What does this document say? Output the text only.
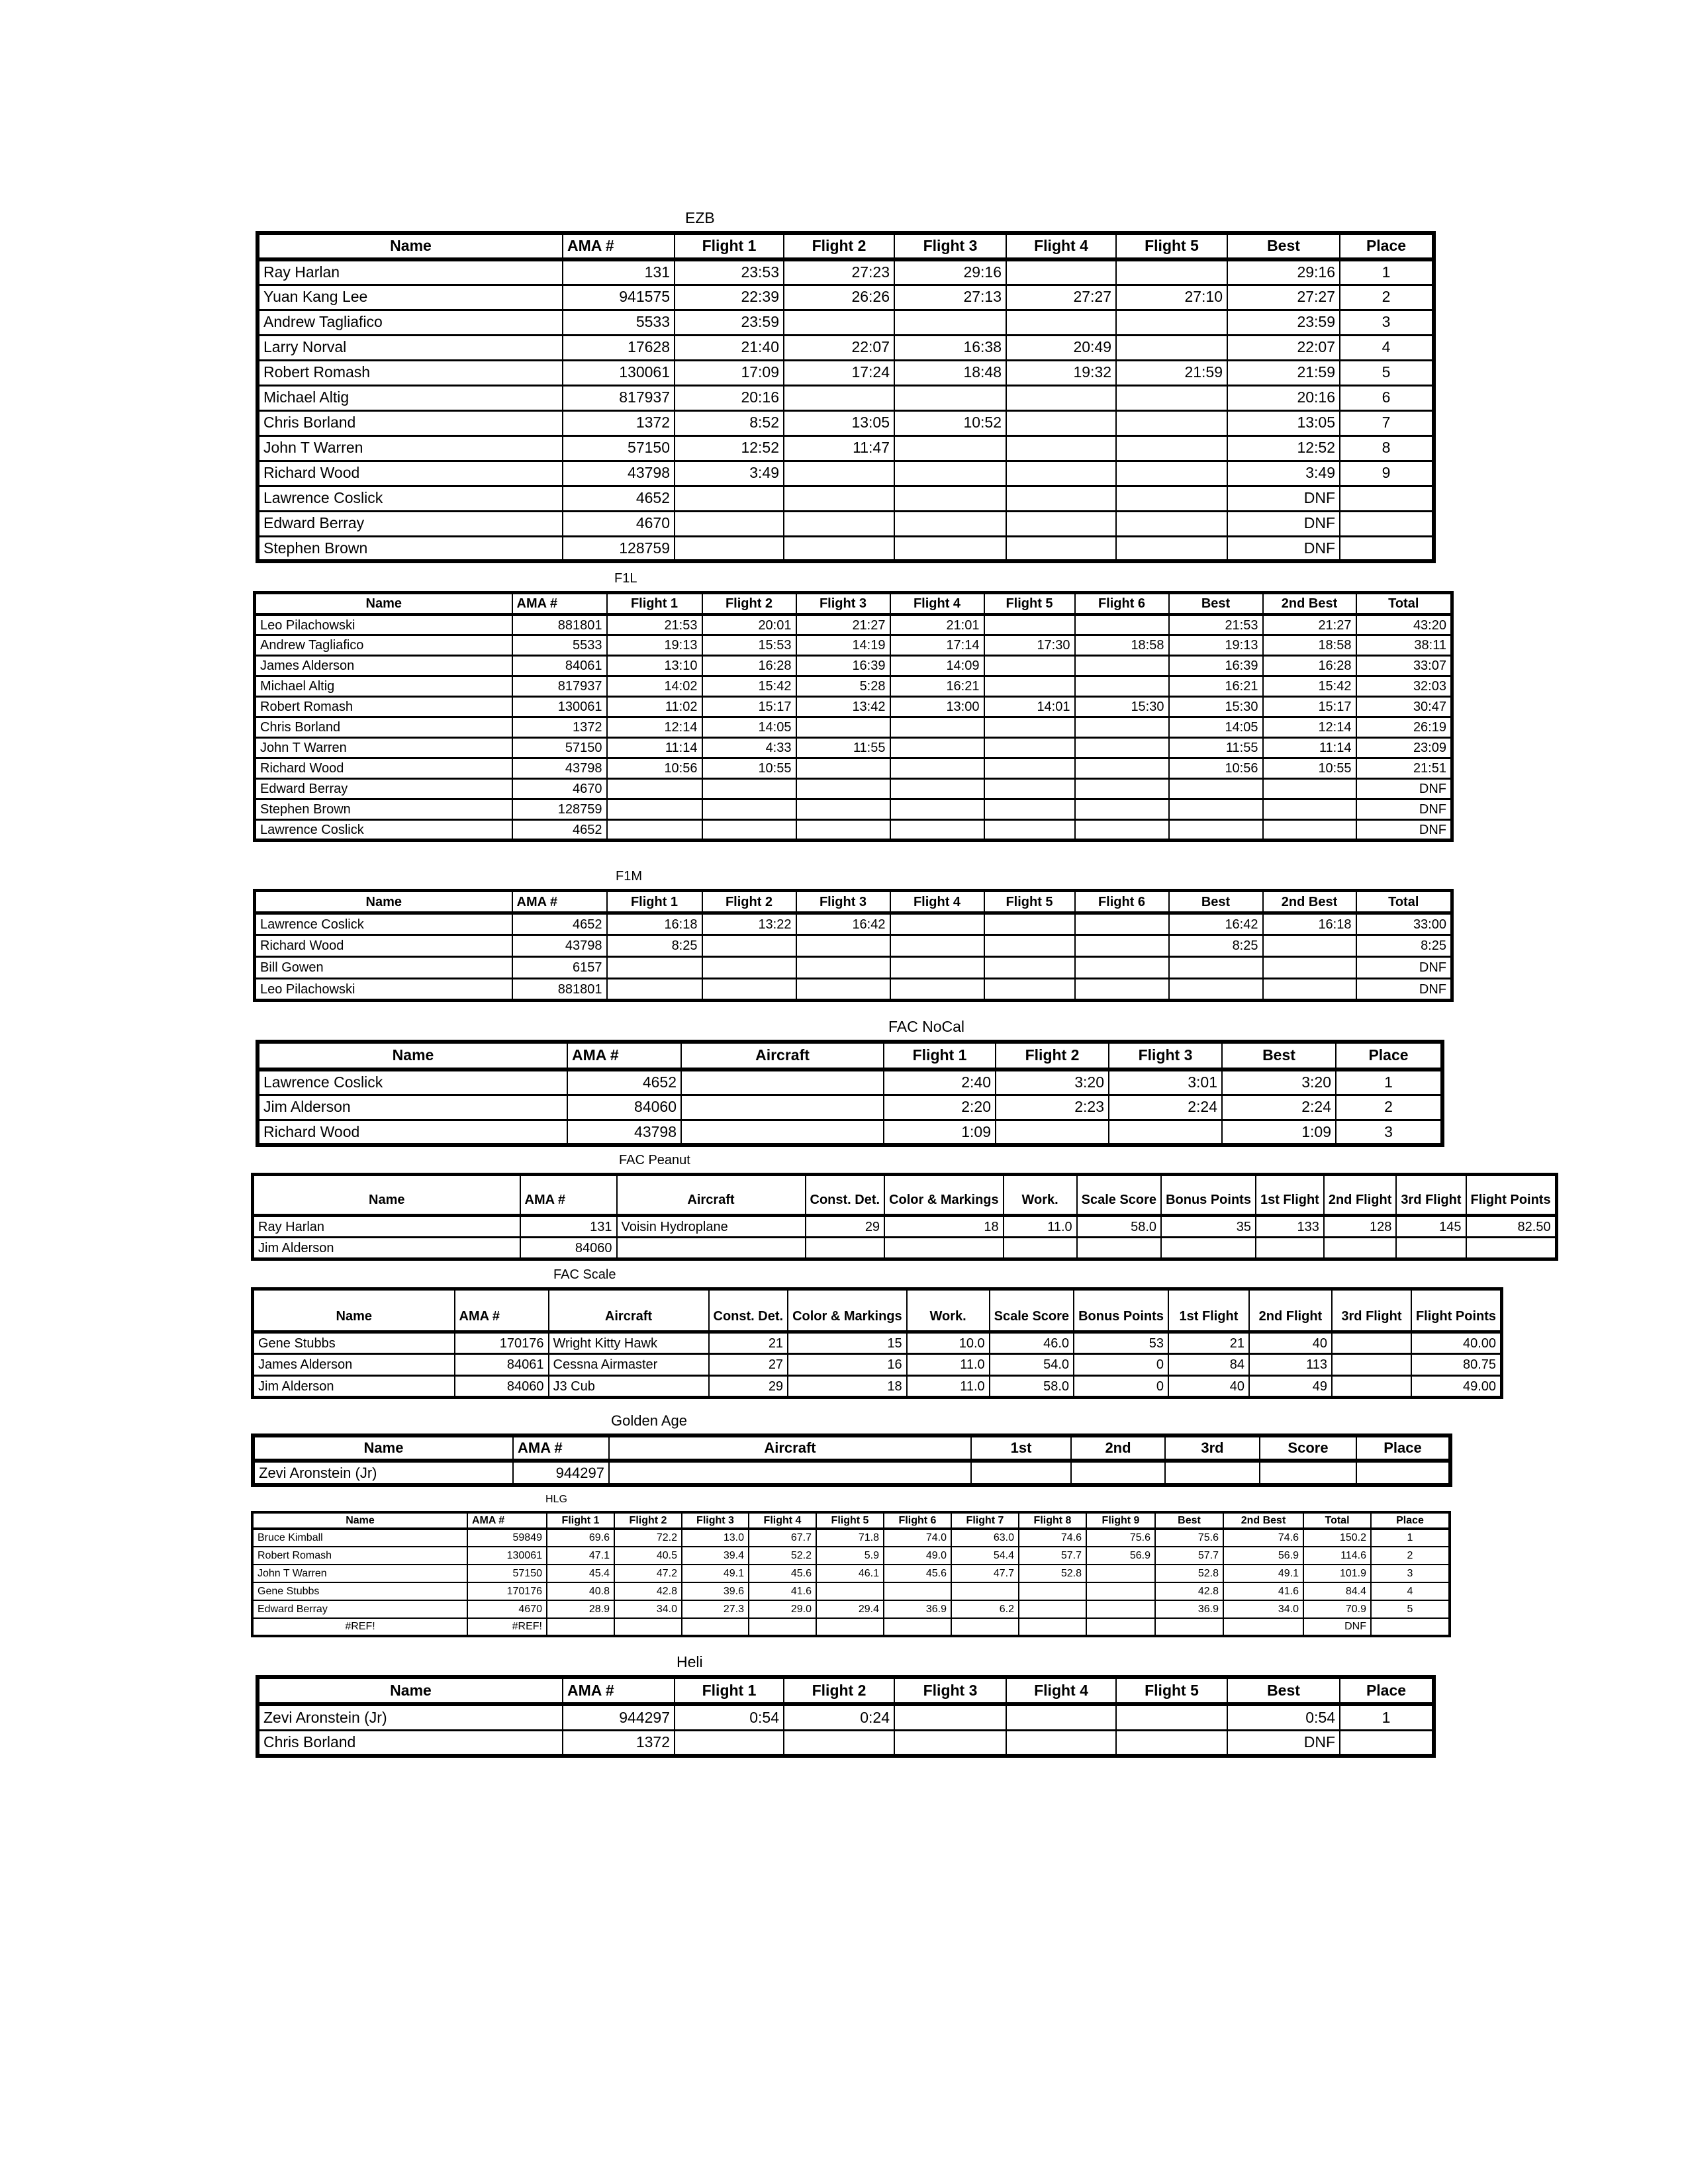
EZB
Name	AMA #	Flight 1	Flight 2	Flight 3	Flight 4	Flight 5	Best	Place
Ray Harlan	131	23:53	27:23	29:16			29:16	1
Yuan Kang Lee	941575	22:39	26:26	27:13	27:27	27:10	27:27	2
Andrew Tagliafico	5533	23:59					23:59	3
Larry Norval	17628	21:40	22:07	16:38	20:49		22:07	4
Robert Romash	130061	17:09	17:24	18:48	19:32	21:59	21:59	5
Michael Altig	817937	20:16					20:16	6
Chris Borland	1372	8:52	13:05	10:52			13:05	7
John T Warren	57150	12:52	11:47				12:52	8
Richard Wood	43798	3:49					3:49	9
Lawrence Coslick	4652						DNF	
Edward Berray	4670						DNF	
Stephen Brown	128759						DNF	
F1L
Name	AMA #	Flight 1	Flight 2	Flight 3	Flight 4	Flight 5	Flight 6	Best	2nd Best	Total
Leo Pilachowski	881801	21:53	20:01	21:27	21:01			21:53	21:27	43:20
Andrew Tagliafico	5533	19:13	15:53	14:19	17:14	17:30	18:58	19:13	18:58	38:11
James Alderson	84061	13:10	16:28	16:39	14:09			16:39	16:28	33:07
Michael Altig	817937	14:02	15:42	5:28	16:21			16:21	15:42	32:03
Robert Romash	130061	11:02	15:17	13:42	13:00	14:01	15:30	15:30	15:17	30:47
Chris Borland	1372	12:14	14:05					14:05	12:14	26:19
John T Warren	57150	11:14	4:33	11:55				11:55	11:14	23:09
Richard Wood	43798	10:56	10:55					10:56	10:55	21:51
Edward Berray	4670									DNF
Stephen Brown	128759									DNF
Lawrence Coslick	4652									DNF
F1M
Name	AMA #	Flight 1	Flight 2	Flight 3	Flight 4	Flight 5	Flight 6	Best	2nd Best	Total
Lawrence Coslick	4652	16:18	13:22	16:42				16:42	16:18	33:00
Richard Wood	43798	8:25						8:25		8:25
Bill Gowen	6157									DNF
Leo Pilachowski	881801									DNF
FAC NoCal
Name	AMA #	Aircraft	Flight 1	Flight 2	Flight 3	Best	Place
Lawrence Coslick	4652		2:40	3:20	3:01	3:20	1
Jim Alderson	84060		2:20	2:23	2:24	2:24	2
Richard Wood	43798		1:09			1:09	3
FAC Peanut
Name	AMA #	Aircraft	Const. Det.	Color & Markings	Work.	Scale Score	Bonus Points	1st Flight	2nd Flight	3rd Flight	Flight Points
Ray Harlan	131	Voisin Hydroplane	29	18	11.0	58.0	35	133	128	145	82.50
Jim Alderson	84060										
FAC Scale
Name	AMA #	Aircraft	Const. Det.	Color & Markings	Work.	Scale Score	Bonus Points	1st Flight	2nd Flight	3rd Flight	Flight Points
Gene Stubbs	170176	Wright Kitty Hawk	21	15	10.0	46.0	53	21	40		40.00
James Alderson	84061	Cessna Airmaster	27	16	11.0	54.0	0	84	113		80.75
Jim Alderson	84060	J3 Cub	29	18	11.0	58.0	0	40	49		49.00
Golden Age
Name	AMA #	Aircraft	1st	2nd	3rd	Score	Place
Zevi Aronstein (Jr)	944297						
HLG
Name	AMA #	Flight 1	Flight 2	Flight 3	Flight 4	Flight 5	Flight 6	Flight 7	Flight 8	Flight 9	Best	2nd Best	Total	Place
Bruce Kimball	59849	69.6	72.2	13.0	67.7	71.8	74.0	63.0	74.6	75.6	75.6	74.6	150.2	1
Robert Romash	130061	47.1	40.5	39.4	52.2	5.9	49.0	54.4	57.7	56.9	57.7	56.9	114.6	2
John T Warren	57150	45.4	47.2	49.1	45.6	46.1	45.6	47.7	52.8		52.8	49.1	101.9	3
Gene Stubbs	170176	40.8	42.8	39.6	41.6						42.8	41.6	84.4	4
Edward Berray	4670	28.9	34.0	27.3	29.0	29.4	36.9	6.2			36.9	34.0	70.9	5
#REF!	#REF!												DNF	
Heli
Name	AMA #	Flight 1	Flight 2	Flight 3	Flight 4	Flight 5	Best	Place
Zevi Aronstein (Jr)	944297	0:54	0:24				0:54	1
Chris Borland	1372						DNF	
